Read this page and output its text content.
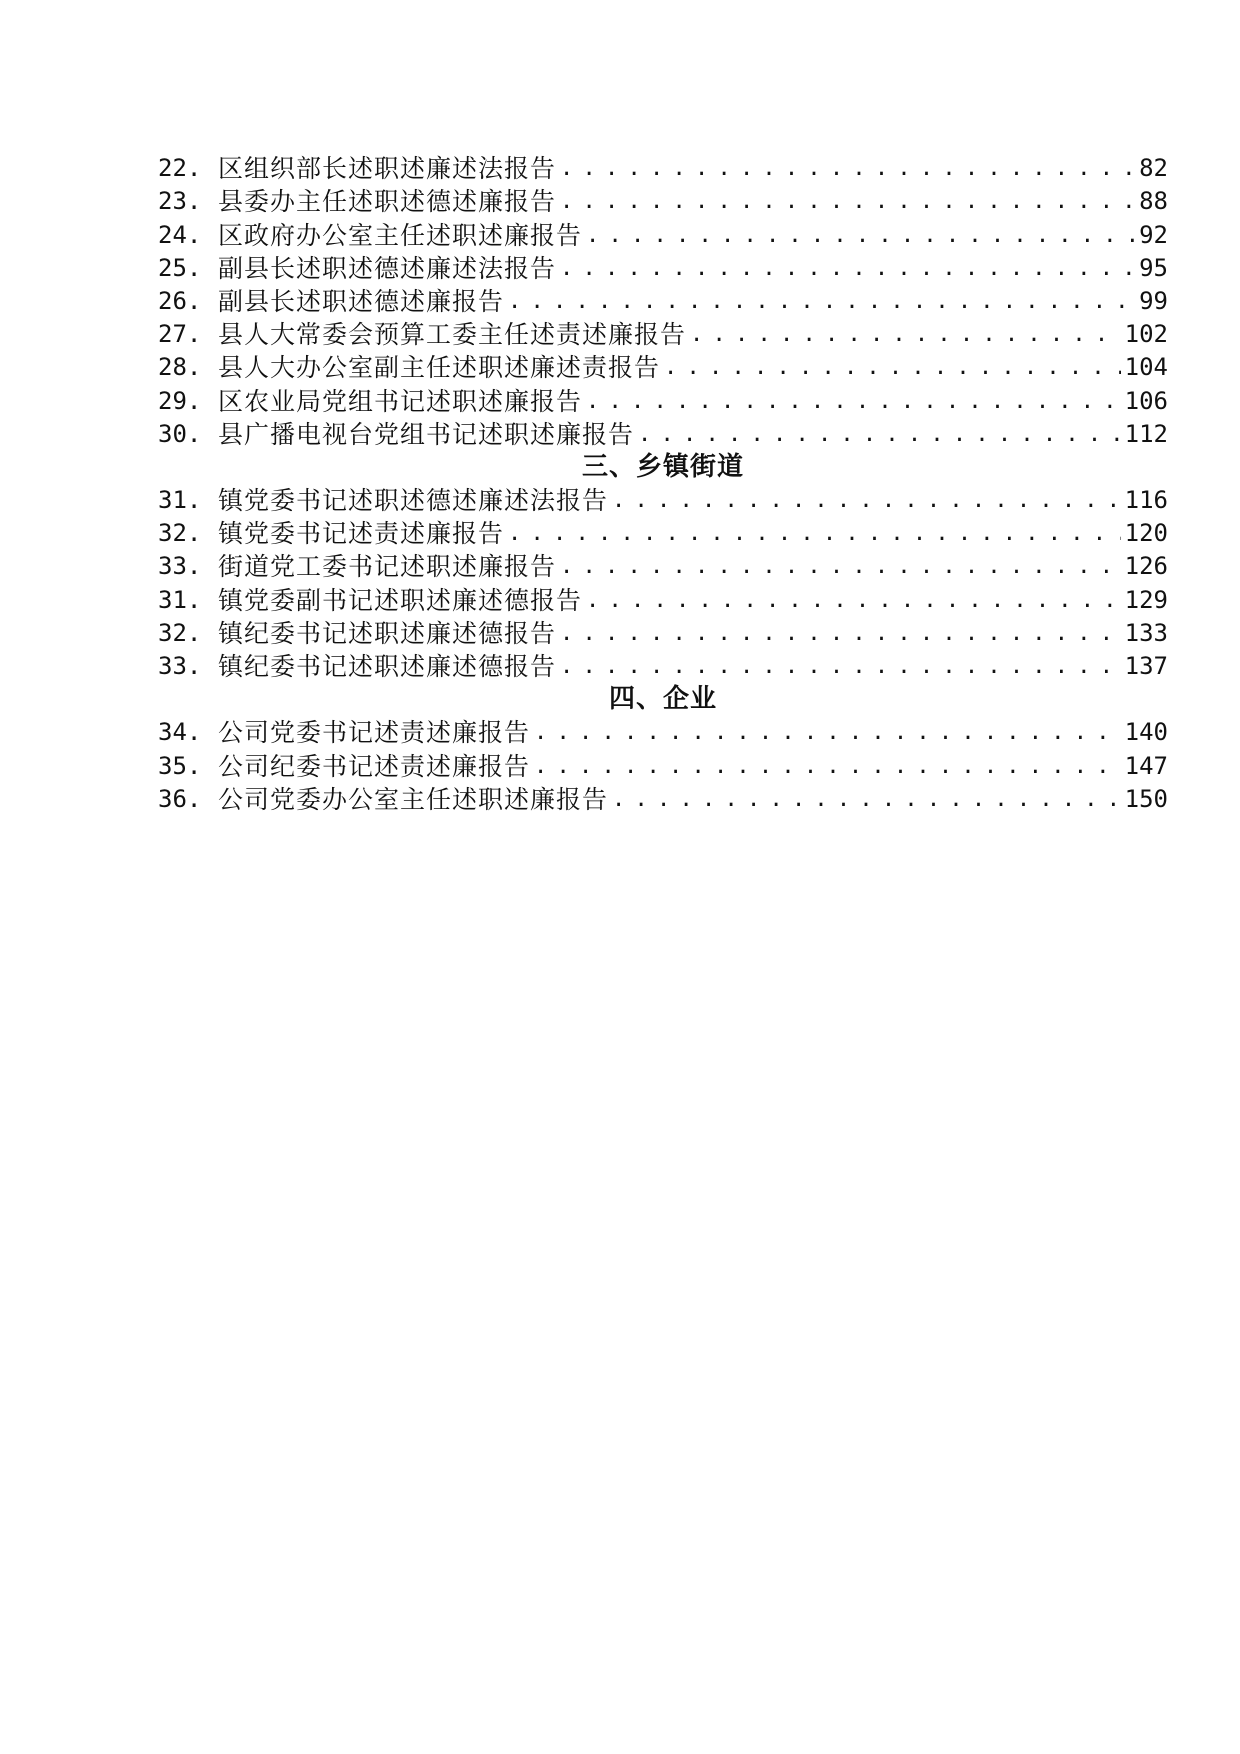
22. 区组织部长述职述廉述法报告 . . .	82
23. 县委办主任述职述德述廉报告 . . .	88
24. 区政府办公室主任述职述廉报告 . . .	92
25. 副县长述职述德述廉述法报告 . . .	95
26. 副县长述职述德述廉报告 . . .	99
27. 县人大常委会预算工委主任述责述廉报告 . . .	102
28. 县人大办公室副主任述职述廉述责报告 . . .	104
29. 区农业局党组书记述职述廉报告 . . .	106
30. 县广播电视台党组书记述职述廉报告 . . .	112
三、乡镇街道
31. 镇党委书记述职述德述廉述法报告 . . .	116
32. 镇党委书记述责述廉报告 . . .	120
33. 街道党工委书记述职述廉报告 . . .	126
31. 镇党委副书记述职述廉述德报告 . . .	129
32. 镇纪委书记述职述廉述德报告 . . .	133
33. 镇纪委书记述职述廉述德报告 . . .	137
四、企业
34. 公司党委书记述责述廉报告 . . .	140
35. 公司纪委书记述责述廉报告 . . .	147
36. 公司党委办公室主任述职述廉报告 . . .	150
